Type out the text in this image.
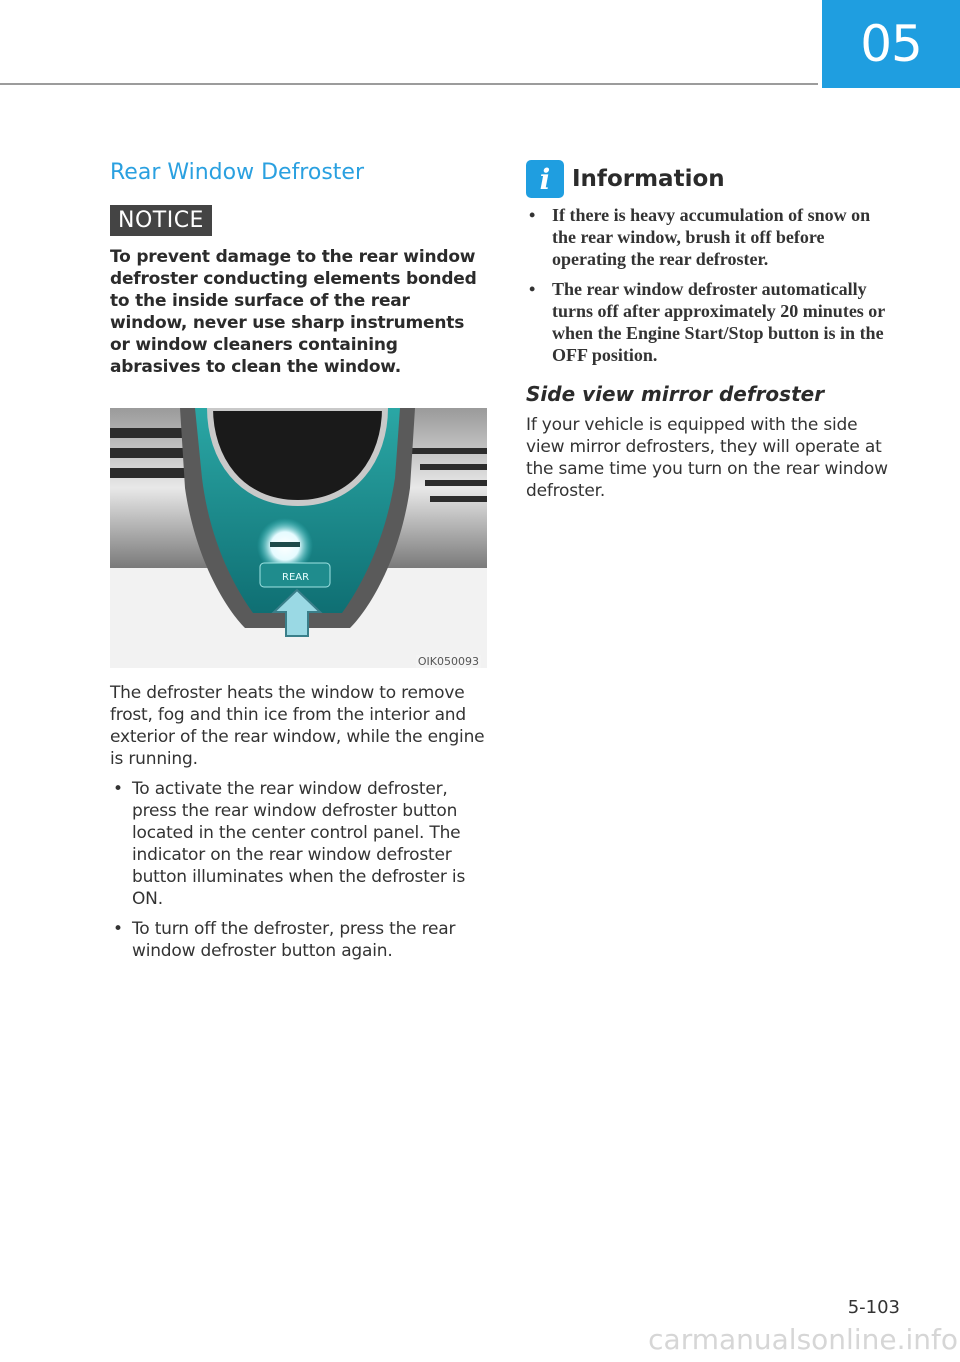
05
Rear Window Defroster
NOTICE

To prevent damage to the rear window defroster conducting elements bonded to the inside surface of the rear window, never use sharp instruments or window cleaners containing abrasives to clean the window.

REAR
OIK050093

The defroster heats the window to remove frost, fog and thin ice from the interior and exterior of the rear window, while the engine is running.

• To activate the rear window defroster, press the rear window defroster button located in the center control panel. The indicator on the rear window defroster button illuminates when the defroster is ON.
• To turn off the defroster, press the rear window defroster button again.
i Information
• If there is heavy accumulation of snow on the rear window, brush it off before operating the rear defroster.
• The rear window defroster automatically turns off after approximately 20 minutes or when the Engine Start/Stop button is in the OFF position.
Side view mirror defroster

If your vehicle is equipped with the side view mirror defrosters, they will operate at the same time you turn on the rear window defroster.

5-103
carmanualsonline.info
